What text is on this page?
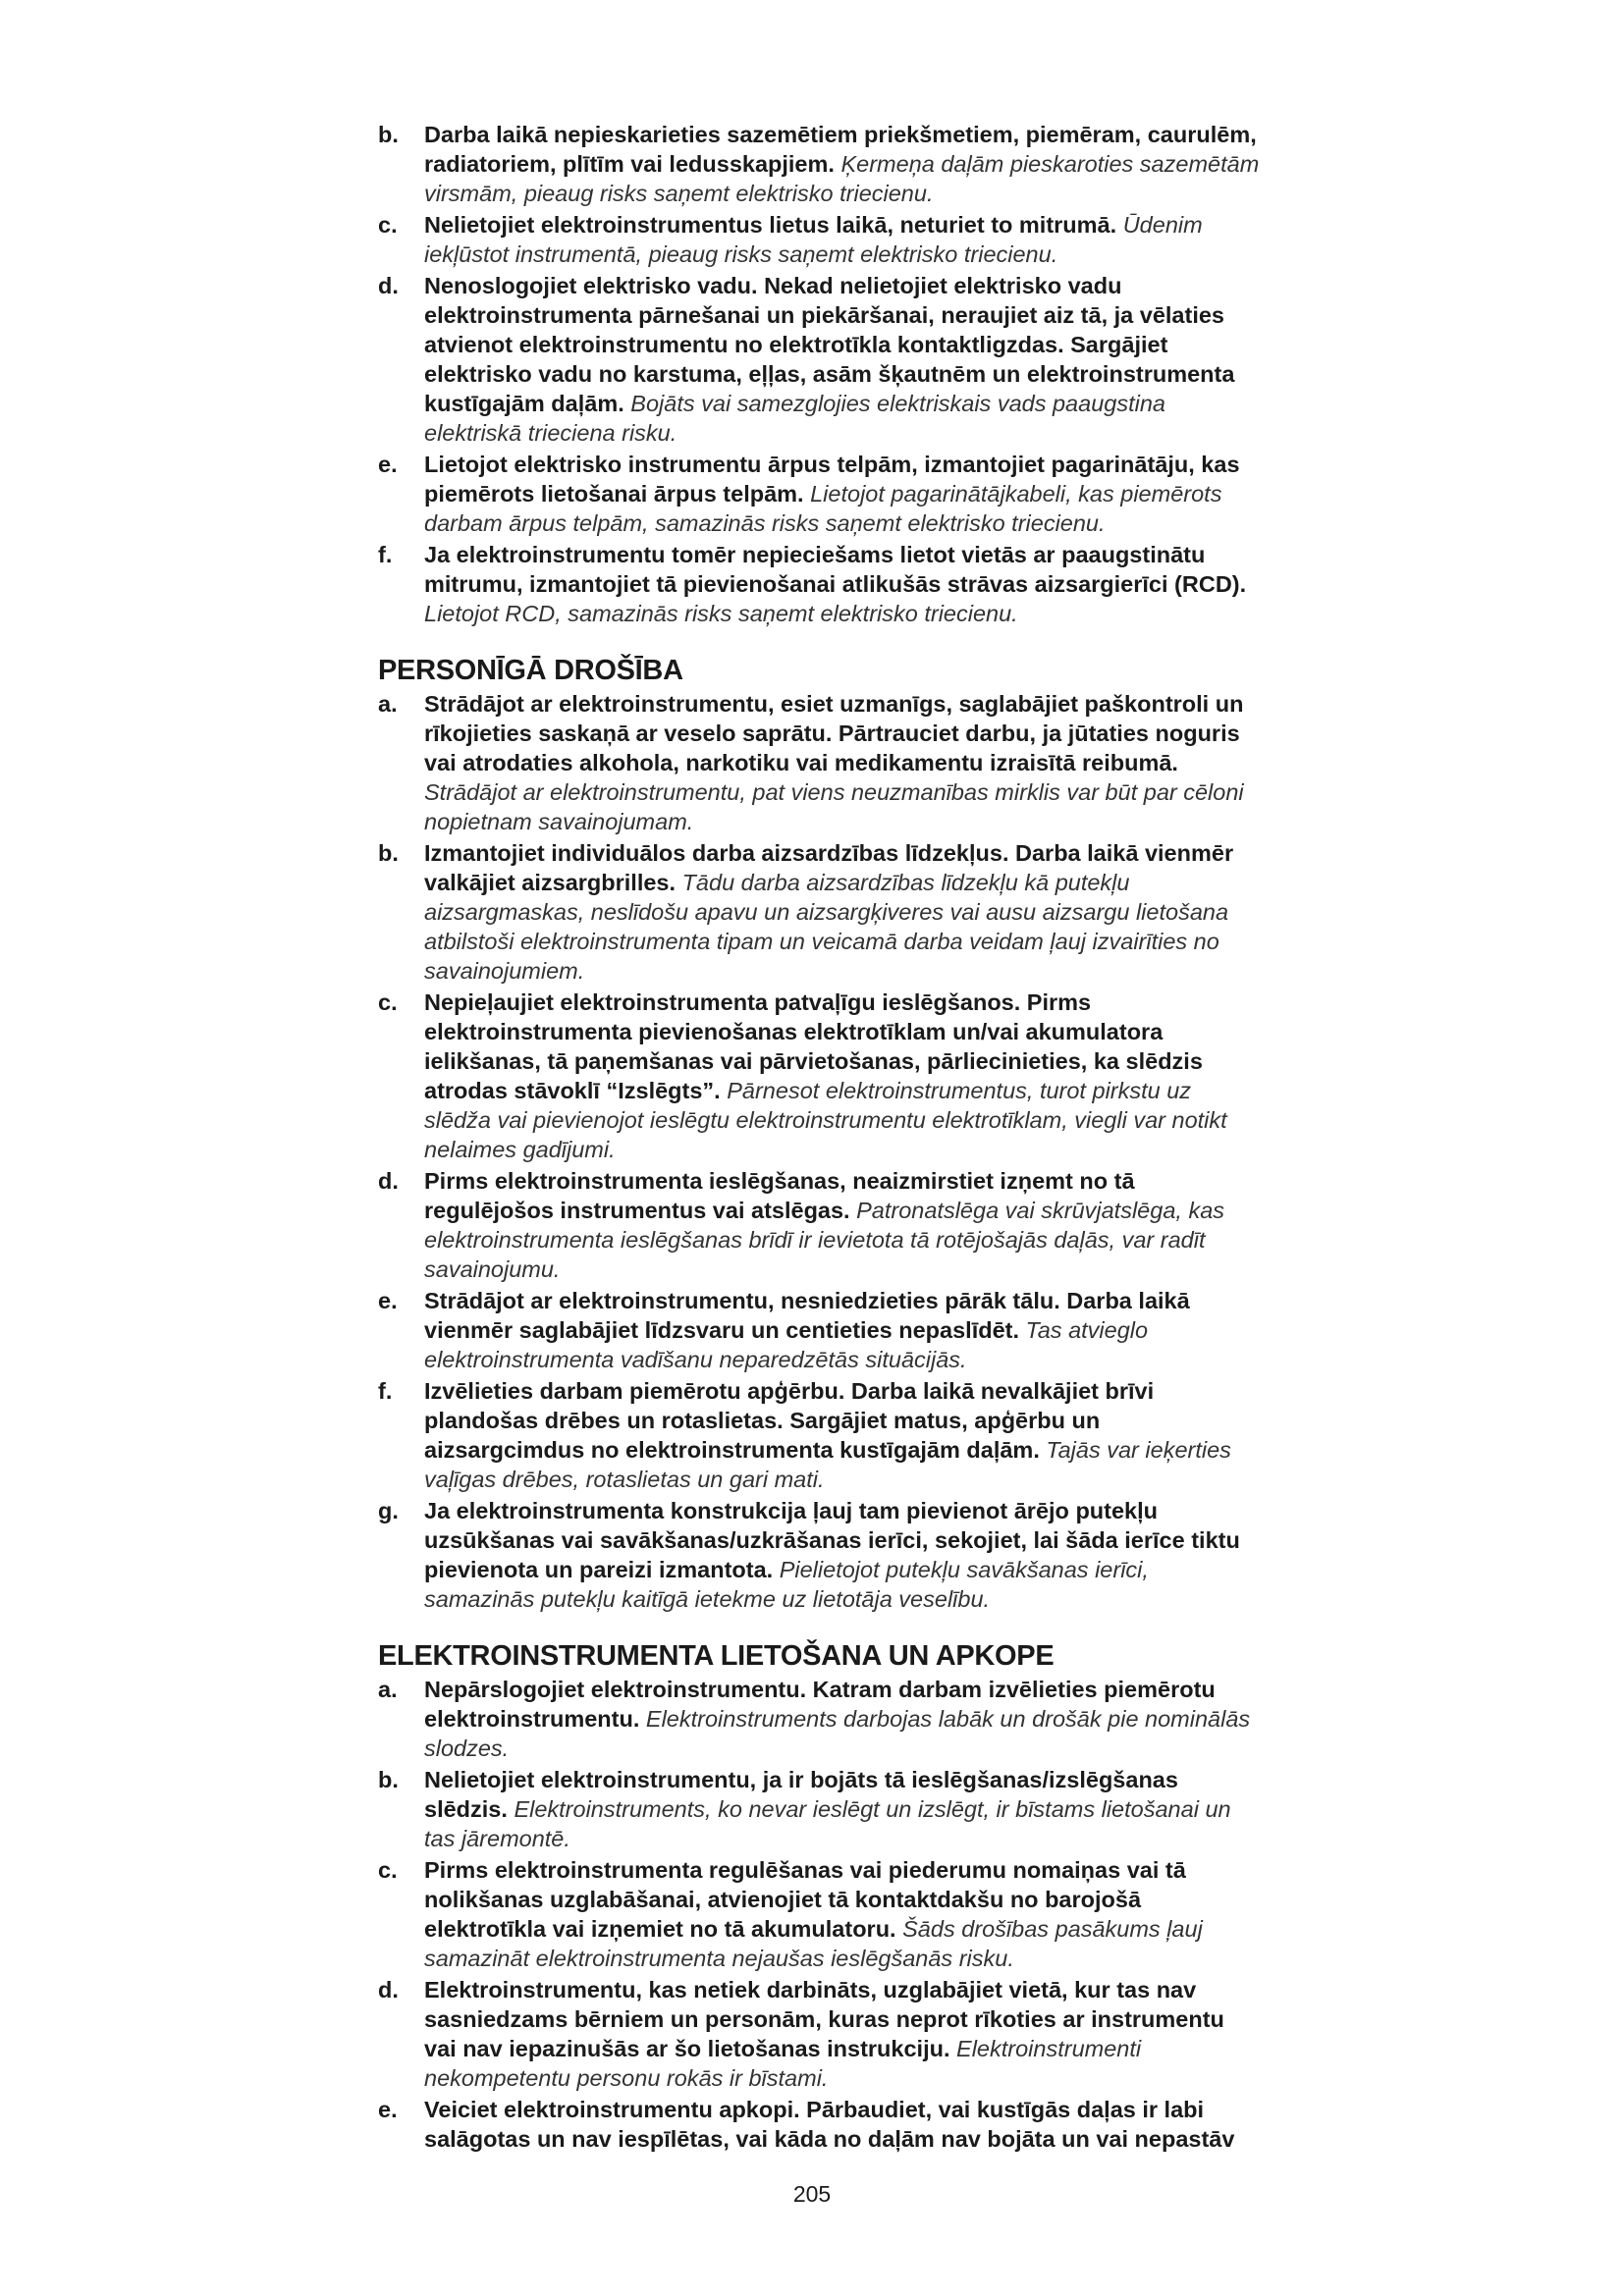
b. Darba laikā nepieskarieties sazemētiem priekšmetiem, piemēram, caurulēm, radiatoriem, plītīm vai ledusskapjiem. Ķermeņa daļām pieskaroties sazemētām virsmām, pieaug risks saņemt elektrisko triecienu.
c. Nelietojiet elektroinstrumentus lietus laikā, neturiet to mitrumā. Ūdenim iekļūstot instrumentā, pieaug risks saņemt elektrisko triecienu.
d. Nenoslogojiet elektrisko vadu. Nekad nelietojiet elektrisko vadu elektroinstrumenta pārnešanai un piekāršanai, neraujiet aiz tā, ja vēlaties atvienot elektroinstrumentu no elektrotīkla kontaktligzdas. Sargājiet elektrisko vadu no karstuma, eļļas, asām šķautnēm un elektroinstrumenta kustīgajām daļām. Bojāts vai samezglojies elektriskais vads paaugstina elektriskā trieciena risku.
e. Lietojot elektrisko instrumentu ārpus telpām, izmantojiet pagarinātāju, kas piemērots lietošanai ārpus telpām. Lietojot pagarinātājkabeli, kas piemērots darbam ārpus telpām, samazinās risks saņemt elektrisko triecienu.
f. Ja elektroinstrumentu tomēr nepieciešams lietot vietās ar paaugstinātu mitrumu, izmantojiet tā pievienošanai atlikušās strāvas aizsargierīci (RCD). Lietojot RCD, samazinās risks saņemt elektrisko triecienu.
PERSONĪGĀ DROŠĪBA
a. Strādājot ar elektroinstrumentu, esiet uzmanīgs, saglabājiet paškontroli un rīkojieties saskaņā ar veselo saprātu. Pārtrauciet darbu, ja jūtaties noguris vai atrodaties alkohola, narkotiku vai medikamentu izraisītā reibumā. Strādājot ar elektroinstrumentu, pat viens neuzmanības mirklis var būt par cēloni nopietnam savainojumam.
b. Izmantojiet individuālos darba aizsardzības līdzekļus. Darba laikā vienmēr valkājiet aizsargbrilles. Tādu darba aizsardzības līdzekļu kā putekļu aizsargmaskas, neslīdošu apavu un aizsargķiveres vai ausu aizsargu lietošana atbilstoši elektroinstrumenta tipam un veicamā darba veidam ļauj izvairīties no savainojumiem.
c. Nepieļaujiet elektroinstrumenta patvaļīgu ieslēgšanos. Pirms elektroinstrumenta pievienošanas elektrotīklam un/vai akumulatora ielikšanas, tā paņemšanas vai pārvietošanas, pārliecinieties, ka slēdzis atrodas stāvoklī “Izslēgts”. Pārnesot elektroinstrumentus, turot pirkstu uz slēdža vai pievienojot ieslēgtu elektroinstrumentu elektrotīklam, viegli var notikt nelaimes gadījumi.
d. Pirms elektroinstrumenta ieslēgšanas, neaizmirstiet izņemt no tā regulējošos instrumentus vai atslēgas. Patronatslēga vai skrūvjatslēga, kas elektroinstrumenta ieslēgšanas brīdī ir ievietota tā rotējošajās daļās, var radīt savainojumu.
e. Strādājot ar elektroinstrumentu, nesniedzieties pārāk tālu. Darba laikā vienmēr saglabājiet līdzsvaru un centieties nepaslīdēt. Tas atvieglo elektroinstrumenta vadīšanu neparedzētās situācijās.
f. Izvēlieties darbam piemērotu apģērbu. Darba laikā nevalkājiet brīvi plandošas drēbes un rotaslietas. Sargājiet matus, apģērbu un aizsargcimdus no elektroinstrumenta kustīgajām daļām. Tajās var ieķerties vaļīgas drēbes, rotaslietas un gari mati.
g. Ja elektroinstrumenta konstrukcija ļauj tam pievienot ārējo putekļu uzsūkšanas vai savākšanas/uzkrāšanas ierīci, sekojiet, lai šāda ierīce tiktu pievienota un pareizi izmantota. Pielietojot putekļu savākšanas ierīci, samazinās putekļu kaitīgā ietekme uz lietotāja veselību.
ELEKTROINSTRUMENTA LIETOŠANA UN APKOPE
a. Nepārslogojiet elektroinstrumentu. Katram darbam izvēlieties piemērotu elektroinstrumentu. Elektroinstruments darbojas labāk un drošāk pie nominālās slodzes.
b. Nelietojiet elektroinstrumentu, ja ir bojāts tā ieslēgšanas/izslēgšanas slēdzis. Elektroinstruments, ko nevar ieslēgt un izslēgt, ir bīstams lietošanai un tas jāremontē.
c. Pirms elektroinstrumenta regulēšanas vai piederumu nomaiņas vai tā nolikšanas uzglabāšanai, atvienojiet tā kontaktdakšu no barojošā elektrotīkla vai izņemiet no tā akumulatoru. Šāds drošības pasākums ļauj samazināt elektroinstrumenta nejaušas ieslēgšanās risku.
d. Elektroinstrumentu, kas netiek darbināts, uzglabājiet vietā, kur tas nav sasniedzams bērniem un personām, kuras neprot rīkoties ar instrumentu vai nav iepazinušās ar šo lietošanas instrukciju. Elektroinstrumenti nekompetentu personu rokās ir bīstami.
e. Veiciet elektroinstrumentu apkopi. Pārbaudiet, vai kustīgās daļas ir labi salāgotas un nav iespīlētas, vai kāda no daļām nav bojāta un vai nepastāv
205
